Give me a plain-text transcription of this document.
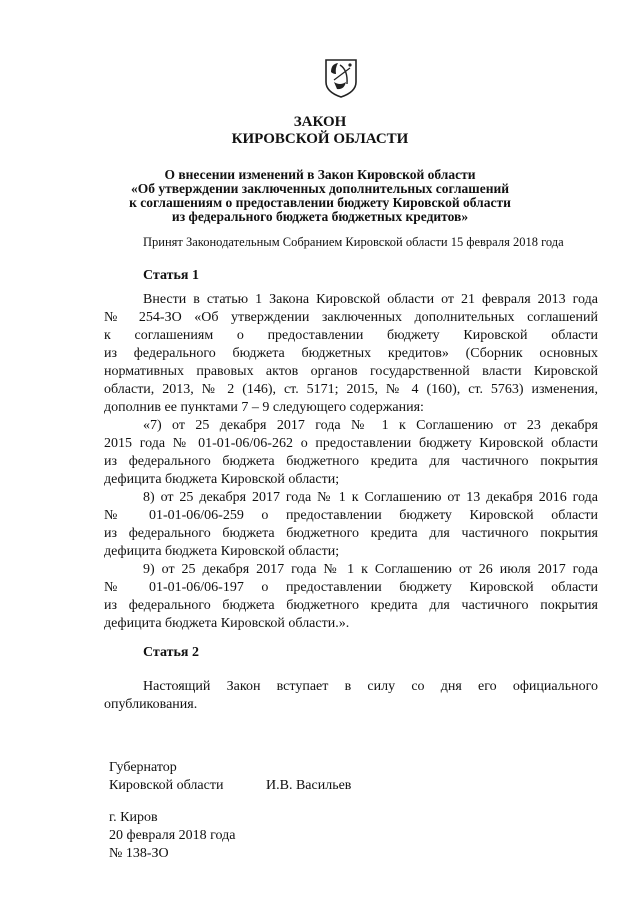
ЗАКОН
КИРОВСКОЙ ОБЛАСТИ
О внесении изменений в Закон Кировской области
«Об утверждении заключенных дополнительных соглашений
к соглашениям о предоставлении бюджету Кировской области
из федерального бюджета бюджетных кредитов»
Принят Законодательным Собранием Кировской области 15 февраля 2018 года
Статья 1
Внести в статью 1 Закона Кировской области от 21 февраля 2013 года
№ 254-ЗО «Об утверждении заключенных дополнительных соглашений
к соглашениям о предоставлении бюджету Кировской области
из федерального бюджета бюджетных кредитов» (Сборник основных
нормативных правовых актов органов государственной власти Кировской
области, 2013, № 2 (146), ст. 5171; 2015, № 4 (160), ст. 5763) изменения,
дополнив ее пунктами 7 – 9 следующего содержания:
«7) от 25 декабря 2017 года № 1 к Соглашению от 23 декабря
2015 года № 01-01-06/06-262 о предоставлении бюджету Кировской области
из федерального бюджета бюджетного кредита для частичного покрытия
дефицита бюджета Кировской области;
8) от 25 декабря 2017 года № 1 к Соглашению от 13 декабря 2016 года
№ 01-01-06/06-259 о предоставлении бюджету Кировской области
из федерального бюджета бюджетного кредита для частичного покрытия
дефицита бюджета Кировской области;
9) от 25 декабря 2017 года № 1 к Соглашению от 26 июля 2017 года
№ 01-01-06/06-197 о предоставлении бюджету Кировской области
из федерального бюджета бюджетного кредита для частичного покрытия
дефицита бюджета Кировской области.».
Статья 2
Настоящий Закон вступает в силу со дня его официального
опубликования.
Губернатор
Кировской области	И.В. Васильев
г. Киров
20 февраля 2018 года
№ 138-ЗО
